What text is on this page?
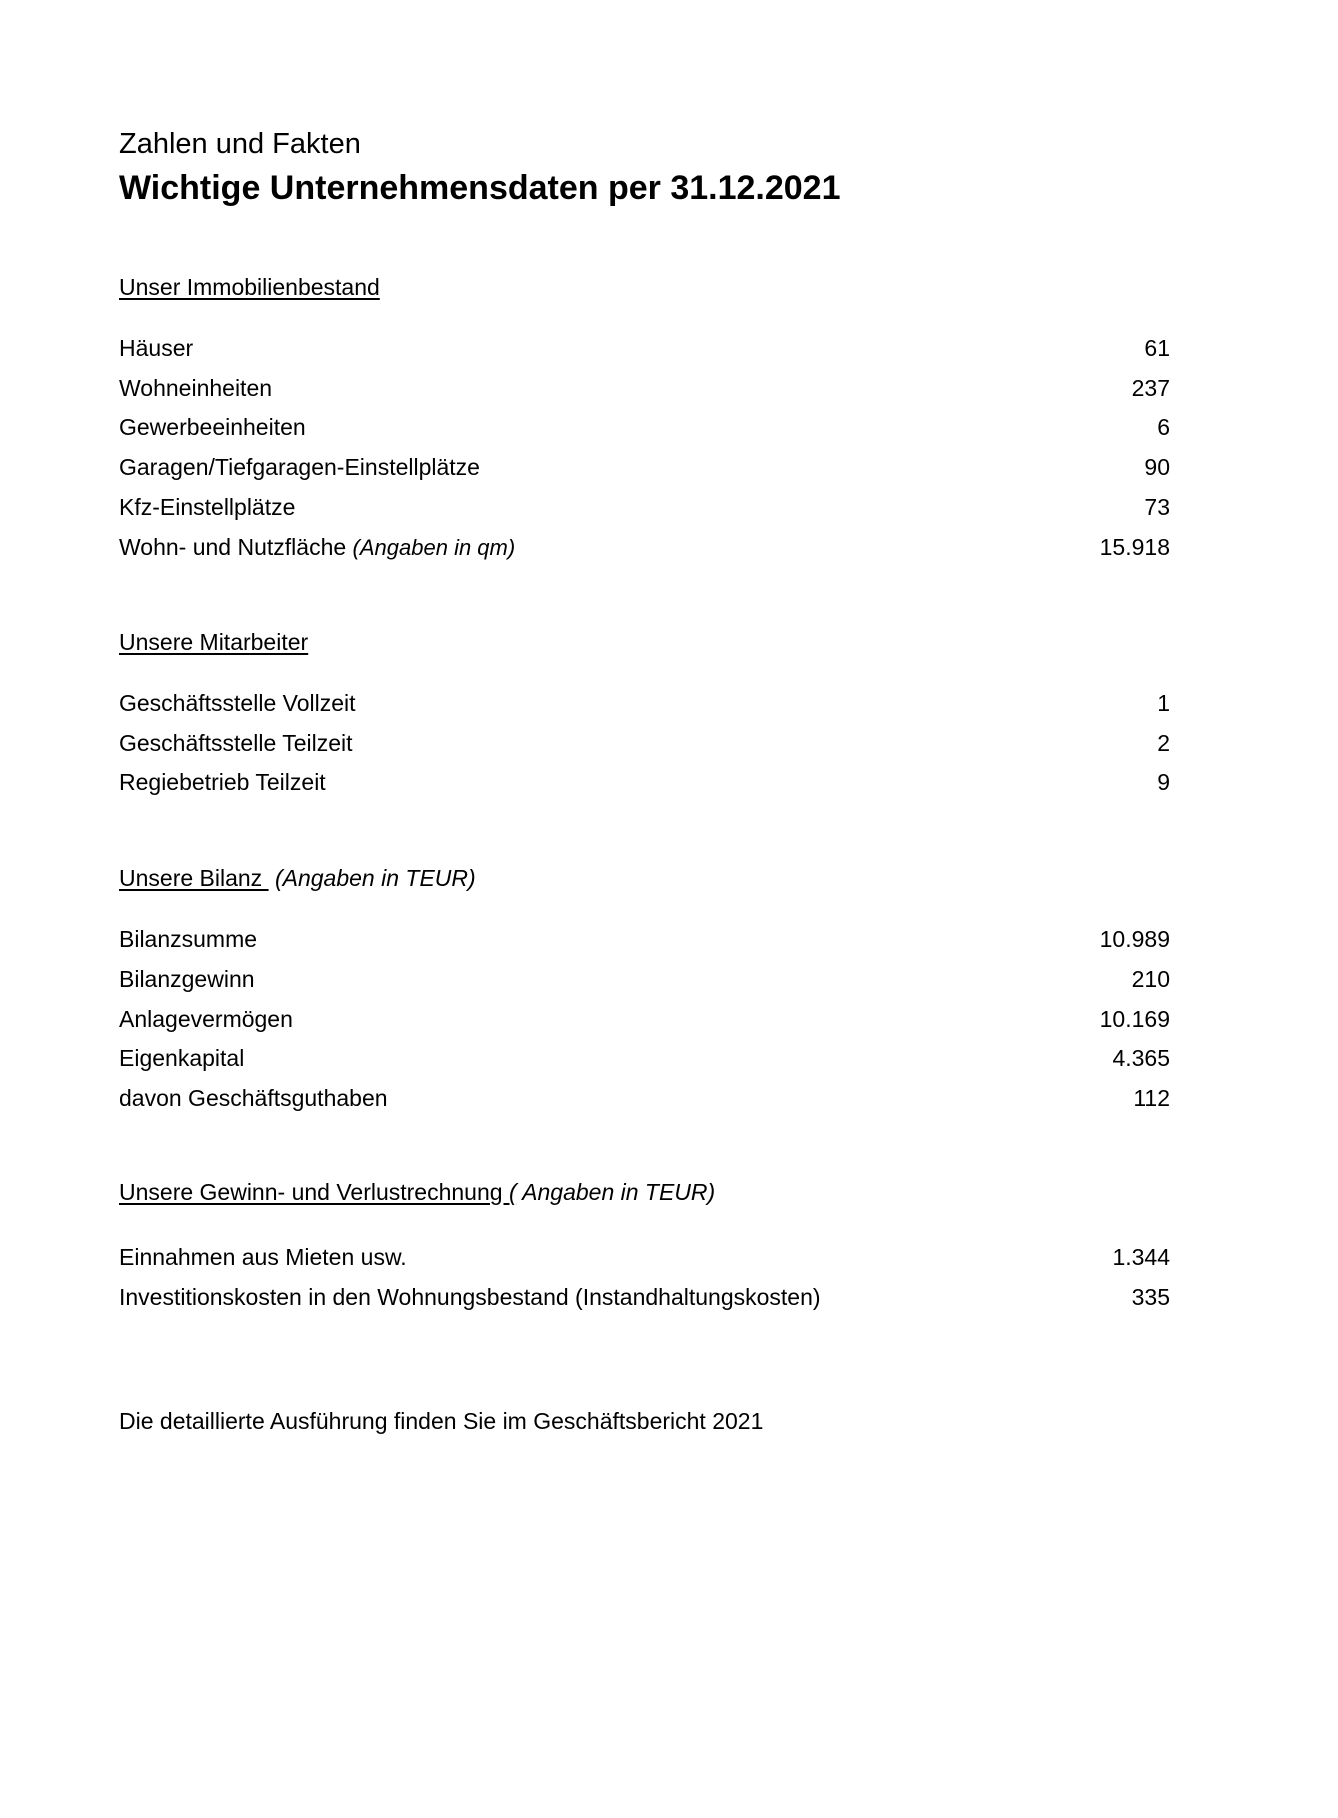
Zahlen und Fakten
Wichtige Unternehmensdaten per 31.12.2021
Unser Immobilienbestand
Häuser	61
Wohneinheiten	237
Gewerbeeinheiten	6
Garagen/Tiefgaragen-Einstellplätze	90
Kfz-Einstellplätze	73
Wohn- und Nutzfläche (Angaben in qm)	15.918
Unsere Mitarbeiter
Geschäftsstelle Vollzeit	1
Geschäftsstelle Teilzeit	2
Regiebetrieb Teilzeit	9
Unsere Bilanz  (Angaben in TEUR)
Bilanzsumme	10.989
Bilanzgewinn	210
Anlagevermögen	10.169
Eigenkapital	4.365
davon Geschäftsguthaben	112
Unsere Gewinn- und Verlustrechnung ( Angaben in TEUR)
Einnahmen aus Mieten usw.	1.344
Investitionskosten in den Wohnungsbestand (Instandhaltungskosten)	335
Die detaillierte Ausführung finden Sie im Geschäftsbericht 2021
